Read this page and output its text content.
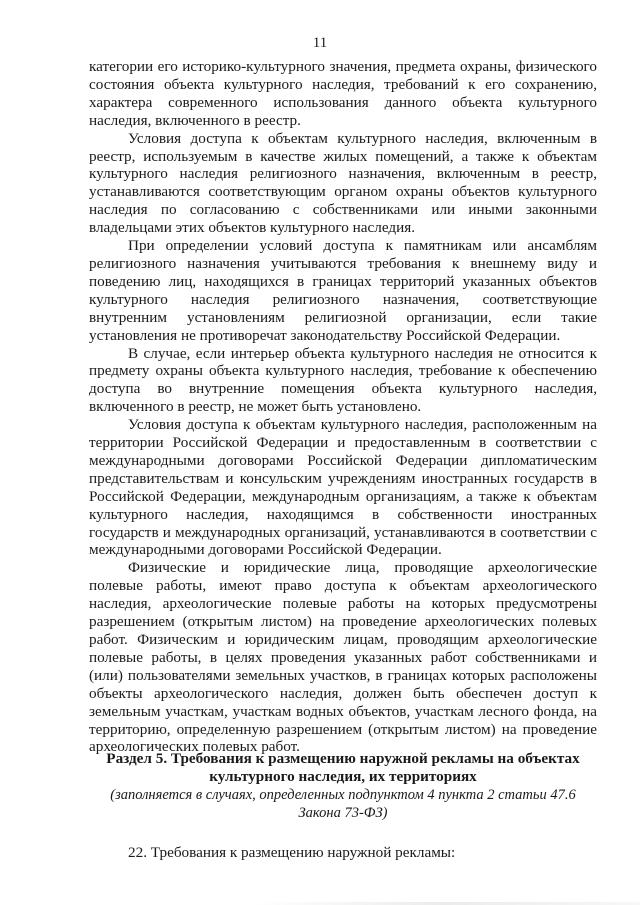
11

категории его историко-культурного значения, предмета охраны, физического состояния объекта культурного наследия, требований к его сохранению, характера современного использования данного объекта культурного наследия, включенного в реестр.

Условия доступа к объектам культурного наследия, включенным в реестр, используемым в качестве жилых помещений, а также к объектам культурного наследия религиозного назначения, включенным в реестр, устанавливаются соответствующим органом охраны объектов культурного наследия по согласованию с собственниками или иными законными владельцами этих объектов культурного наследия.

При определении условий доступа к памятникам или ансамблям религиозного назначения учитываются требования к внешнему виду и поведению лиц, находящихся в границах территорий указанных объектов культурного наследия религиозного назначения, соответствующие внутренним установлениям религиозной организации, если такие установления не противоречат законодательству Российской Федерации.

В случае, если интерьер объекта культурного наследия не относится к предмету охраны объекта культурного наследия, требование к обеспечению доступа во внутренние помещения объекта культурного наследия, включенного в реестр, не может быть установлено.

Условия доступа к объектам культурного наследия, расположенным на территории Российской Федерации и предоставленным в соответствии с международными договорами Российской Федерации дипломатическим представительствам и консульским учреждениям иностранных государств в Российской Федерации, международным организациям, а также к объектам культурного наследия, находящимся в собственности иностранных государств и международных организаций, устанавливаются в соответствии с международными договорами Российской Федерации.

Физические и юридические лица, проводящие археологические полевые работы, имеют право доступа к объектам археологического наследия, археологические полевые работы на которых предусмотрены разрешением (открытым листом) на проведение археологических полевых работ. Физическим и юридическим лицам, проводящим археологические полевые работы, в целях проведения указанных работ собственниками и (или) пользователями земельных участков, в границах которых расположены объекты археологического наследия, должен быть обеспечен доступ к земельным участкам, участкам водных объектов, участкам лесного фонда, на территорию, определенную разрешением (открытым листом) на проведение археологических полевых работ.

Раздел 5. Требования к размещению наружной рекламы на объектах культурного наследия, их территориях

(заполняется в случаях, определенных подпунктом 4 пункта 2 статьи 47.6 Закона 73-ФЗ)

22. Требования к размещению наружной рекламы:
